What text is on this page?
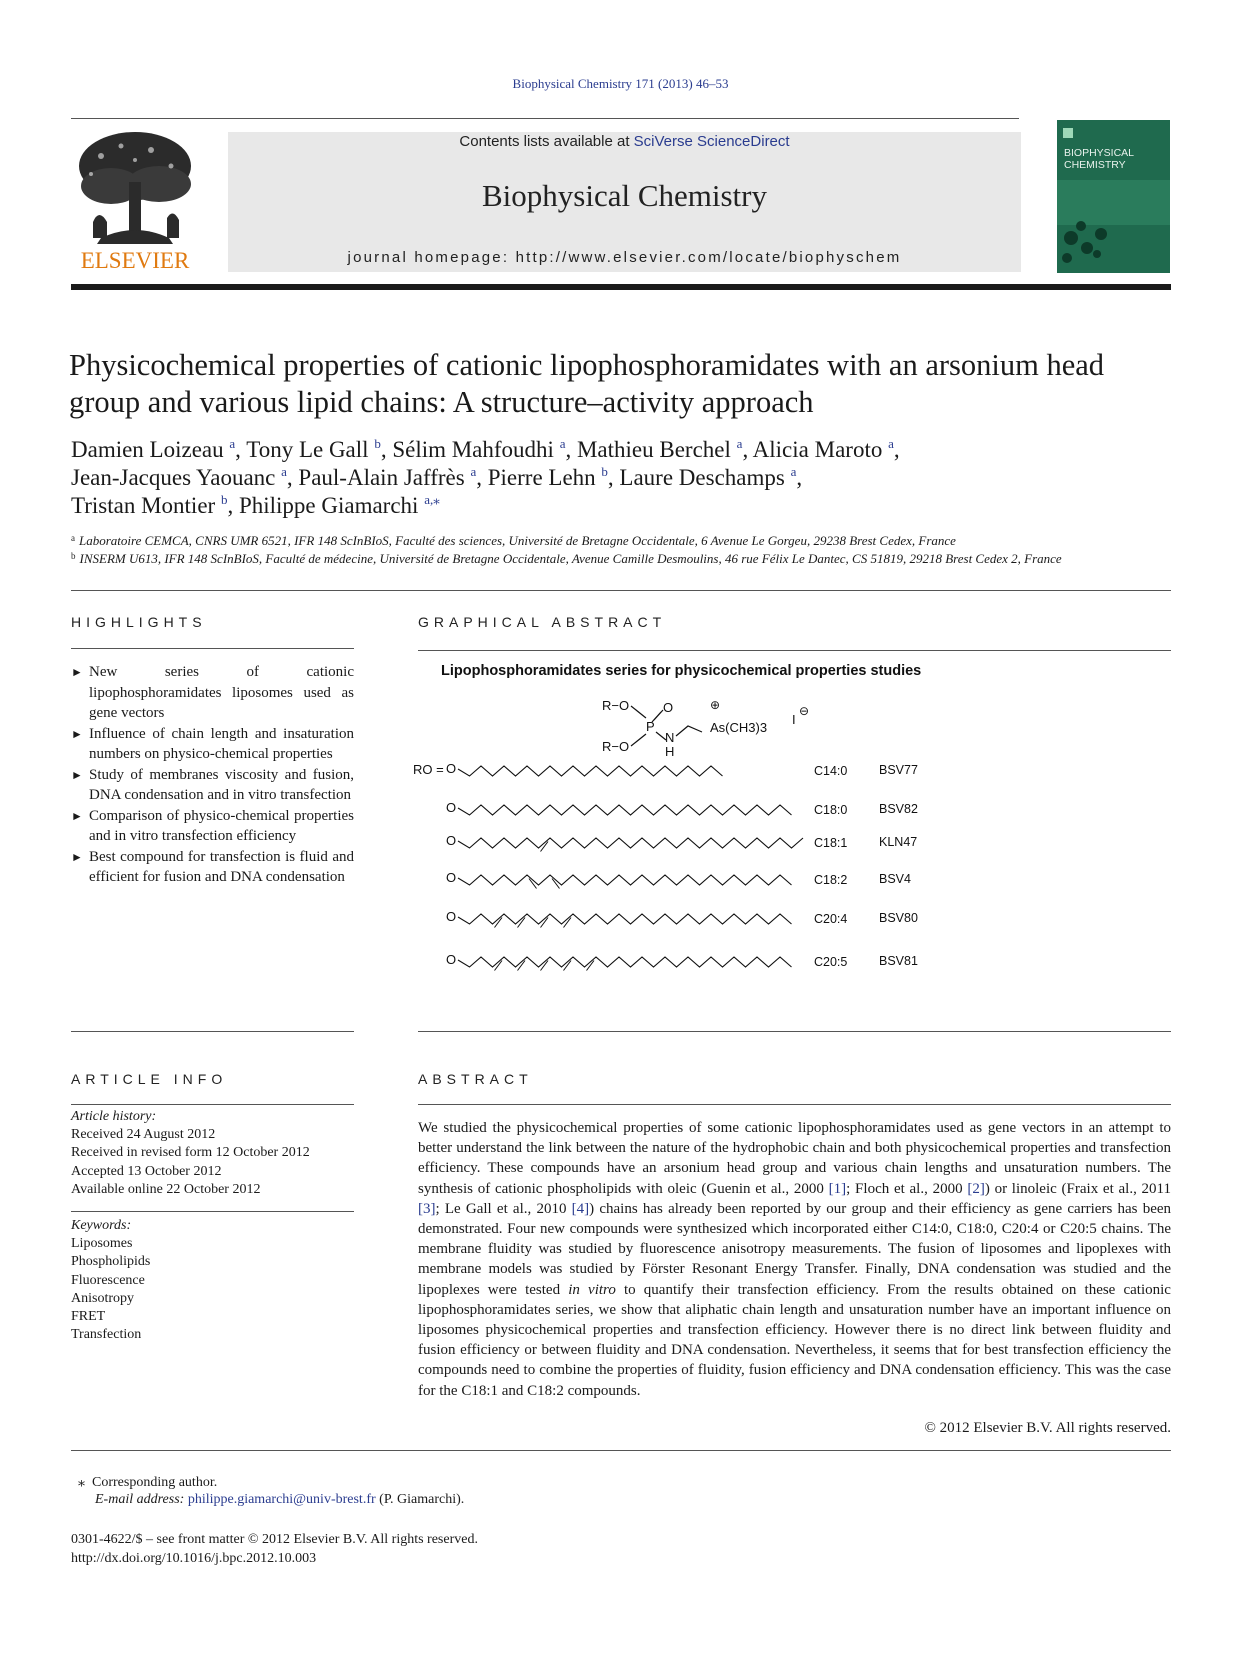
Biophysical Chemistry 171 (2013) 46–53
ELSEVIER
Contents lists available at SciVerse ScienceDirect
Biophysical Chemistry
journal homepage: http://www.elsevier.com/locate/biophyschem
BIOPHYSICAL
CHEMISTRY
Physicochemical properties of cationic lipophosphoramidates with an arsonium head
group and various lipid chains: A structure–activity approach
Damien Loizeau $^a$, Tony Le Gall $^b$, Sélim Mahfoudhi $^a$, Mathieu Berchel $^a$, Alicia Maroto $^a$,
Jean-Jacques Yaouanc $^a$, Paul-Alain Jaffrès $^a$, Pierre Lehn $^b$, Laure Deschamps $^a$,
Tristan Montier $^b$, Philippe Giamarchi $^{a,⁎}$
$^a$ Laboratoire CEMCA, CNRS UMR 6521, IFR 148 ScInBIoS, Faculté des sciences, Université de Bretagne Occidentale, 6 Avenue Le Gorgeu, 29238 Brest Cedex, France
$^b$ INSERM U613, IFR 148 ScInBIoS, Faculté de médecine, Université de Bretagne Occidentale, Avenue Camille Desmoulins, 46 rue Félix Le Dantec, CS 51819, 29218 Brest Cedex 2, France
HIGHLIGHTS
► New series of cationic lipophosphoramidates liposomes used as gene vectors
► Influence of chain length and insaturation numbers on physico-chemical properties
► Study of membranes viscosity and fusion, DNA condensation and in vitro transfection
► Comparison of physico-chemical properties and in vitro transfection efficiency
► Best compound for transfection is fluid and efficient for fusion and DNA condensation
GRAPHICAL ABSTRACT
Lipophosphoramidates series for physicochemical properties studies
R−O
R−O
O
P
N
H
⊕
As(CH3)3
I
⊖
RO = O	C14:0	BSV77
O	C18:0	BSV82
O	C18:1	KLN47
O	C18:2	BSV4
O	C20:4	BSV80
O	C20:5	BSV81
ARTICLE INFO
Article history:
Received 24 August 2012
Received in revised form 12 October 2012
Accepted 13 October 2012
Available online 22 October 2012
Keywords:
Liposomes
Phospholipids
Fluorescence
Anisotropy
FRET
Transfection
ABSTRACT
We studied the physicochemical properties of some cationic lipophosphoramidates used as gene vectors in an attempt to better understand the link between the nature of the hydrophobic chain and both physicochemical properties and transfection efficiency. These compounds have an arsonium head group and various chain lengths and unsaturation numbers. The synthesis of cationic phospholipids with oleic (Guenin et al., 2000 [1]; Floch et al., 2000 [2]) or linoleic (Fraix et al., 2011 [3]; Le Gall et al., 2010 [4]) chains has already been reported by our group and their efficiency as gene carriers has been demonstrated. Four new compounds were synthesized which incorporated either C14:0, C18:0, C20:4 or C20:5 chains. The membrane fluidity was studied by fluorescence anisotropy measurements. The fusion of liposomes and lipoplexes with membrane models was studied by Förster Resonant Energy Transfer. Finally, DNA condensation was studied and the lipoplexes were tested in vitro to quantify their transfection efficiency. From the results obtained on these cationic lipophosphoramidates series, we show that aliphatic chain length and unsaturation number have an important influence on liposomes physicochemical properties and transfection efficiency. However there is no direct link between fluidity and fusion efficiency or between fluidity and DNA condensation. Nevertheless, it seems that for best transfection efficiency the compounds need to combine the properties of fluidity, fusion efficiency and DNA condensation efficiency. This was the case for the C18:1 and C18:2 compounds.
© 2012 Elsevier B.V. All rights reserved.
⁎ Corresponding author.
E-mail address: philippe.giamarchi@univ-brest.fr (P. Giamarchi).
0301-4622/$ – see front matter © 2012 Elsevier B.V. All rights reserved.
http://dx.doi.org/10.1016/j.bpc.2012.10.003
